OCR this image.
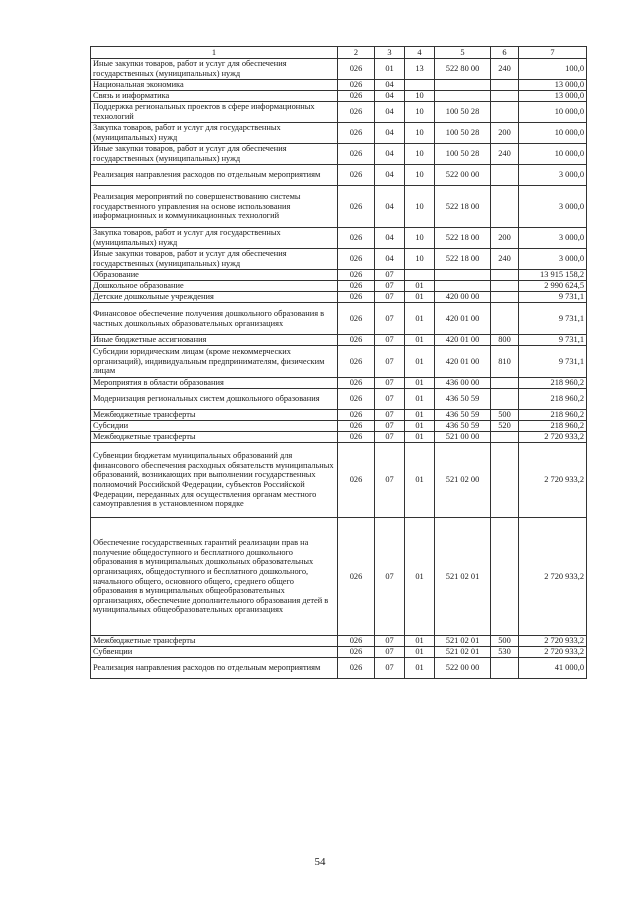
1	2	3	4	5	6	7
Иные закупки товаров, работ и услуг для обеспечения государственных (муниципальных) нужд	026	01	13	522 80 00	240	100,0
Национальная экономика	026	04				13 000,0
Связь и информатика	026	04	10			13 000,0
Поддержка региональных проектов в сфере информационных технологий	026	04	10	100 50 28		10 000,0
Закупка товаров, работ и услуг для государственных (муниципальных) нужд	026	04	10	100 50 28	200	10 000,0
Иные закупки товаров, работ и услуг для обеспечения государственных (муниципальных) нужд	026	04	10	100 50 28	240	10 000,0
Реализация направления расходов по отдельным мероприятиям	026	04	10	522 00 00		3 000,0
Реализация мероприятий по совершенствованию системы государственного управления на основе использования информационных и коммуникационных технологий	026	04	10	522 18 00		3 000,0
Закупка товаров, работ и услуг для государственных (муниципальных) нужд	026	04	10	522 18 00	200	3 000,0
Иные закупки товаров, работ и услуг для обеспечения государственных (муниципальных) нужд	026	04	10	522 18 00	240	3 000,0
Образование	026	07				13 915 158,2
Дошкольное образование	026	07	01			2 990 624,5
Детские дошкольные учреждения	026	07	01	420 00 00		9 731,1
Финансовое обеспечение получения дошкольного образования в частных дошкольных образовательных организациях	026	07	01	420 01 00		9 731,1
Иные бюджетные ассигнования	026	07	01	420 01 00	800	9 731,1
Субсидии юридическим лицам (кроме некоммерческих организаций), индивидуальным предпринимателям, физическим лицам	026	07	01	420 01 00	810	9 731,1
Мероприятия в области образования	026	07	01	436 00 00		218 960,2
Модернизация региональных систем дошкольного образования	026	07	01	436 50 59		218 960,2
Межбюджетные трансферты	026	07	01	436 50 59	500	218 960,2
Субсидии	026	07	01	436 50 59	520	218 960,2
Межбюджетные трансферты	026	07	01	521 00 00		2 720 933,2
Субвенции бюджетам муниципальных образований для финансового обеспечения расходных обязательств муниципальных образований, возникающих при выполнении государственных полномочий Российской Федерации, субъектов Российской Федерации, переданных для осуществления органам местного самоуправления в установленном порядке	026	07	01	521 02 00		2 720 933,2
Обеспечение государственных гарантий реализации прав на получение общедоступного и бесплатного дошкольного образования в муниципальных дошкольных образовательных организациях, общедоступного и бесплатного дошкольного, начального общего, основного общего, среднего общего образования в муниципальных общеобразовательных организациях, обеспечение дополнительного образования детей в муниципальных общеобразовательных организациях	026	07	01	521 02 01		2 720 933,2
Межбюджетные трансферты	026	07	01	521 02 01	500	2 720 933,2
Субвенции	026	07	01	521 02 01	530	2 720 933,2
Реализация направления расходов по отдельным мероприятиям	026	07	01	522 00 00		41 000,0
54
